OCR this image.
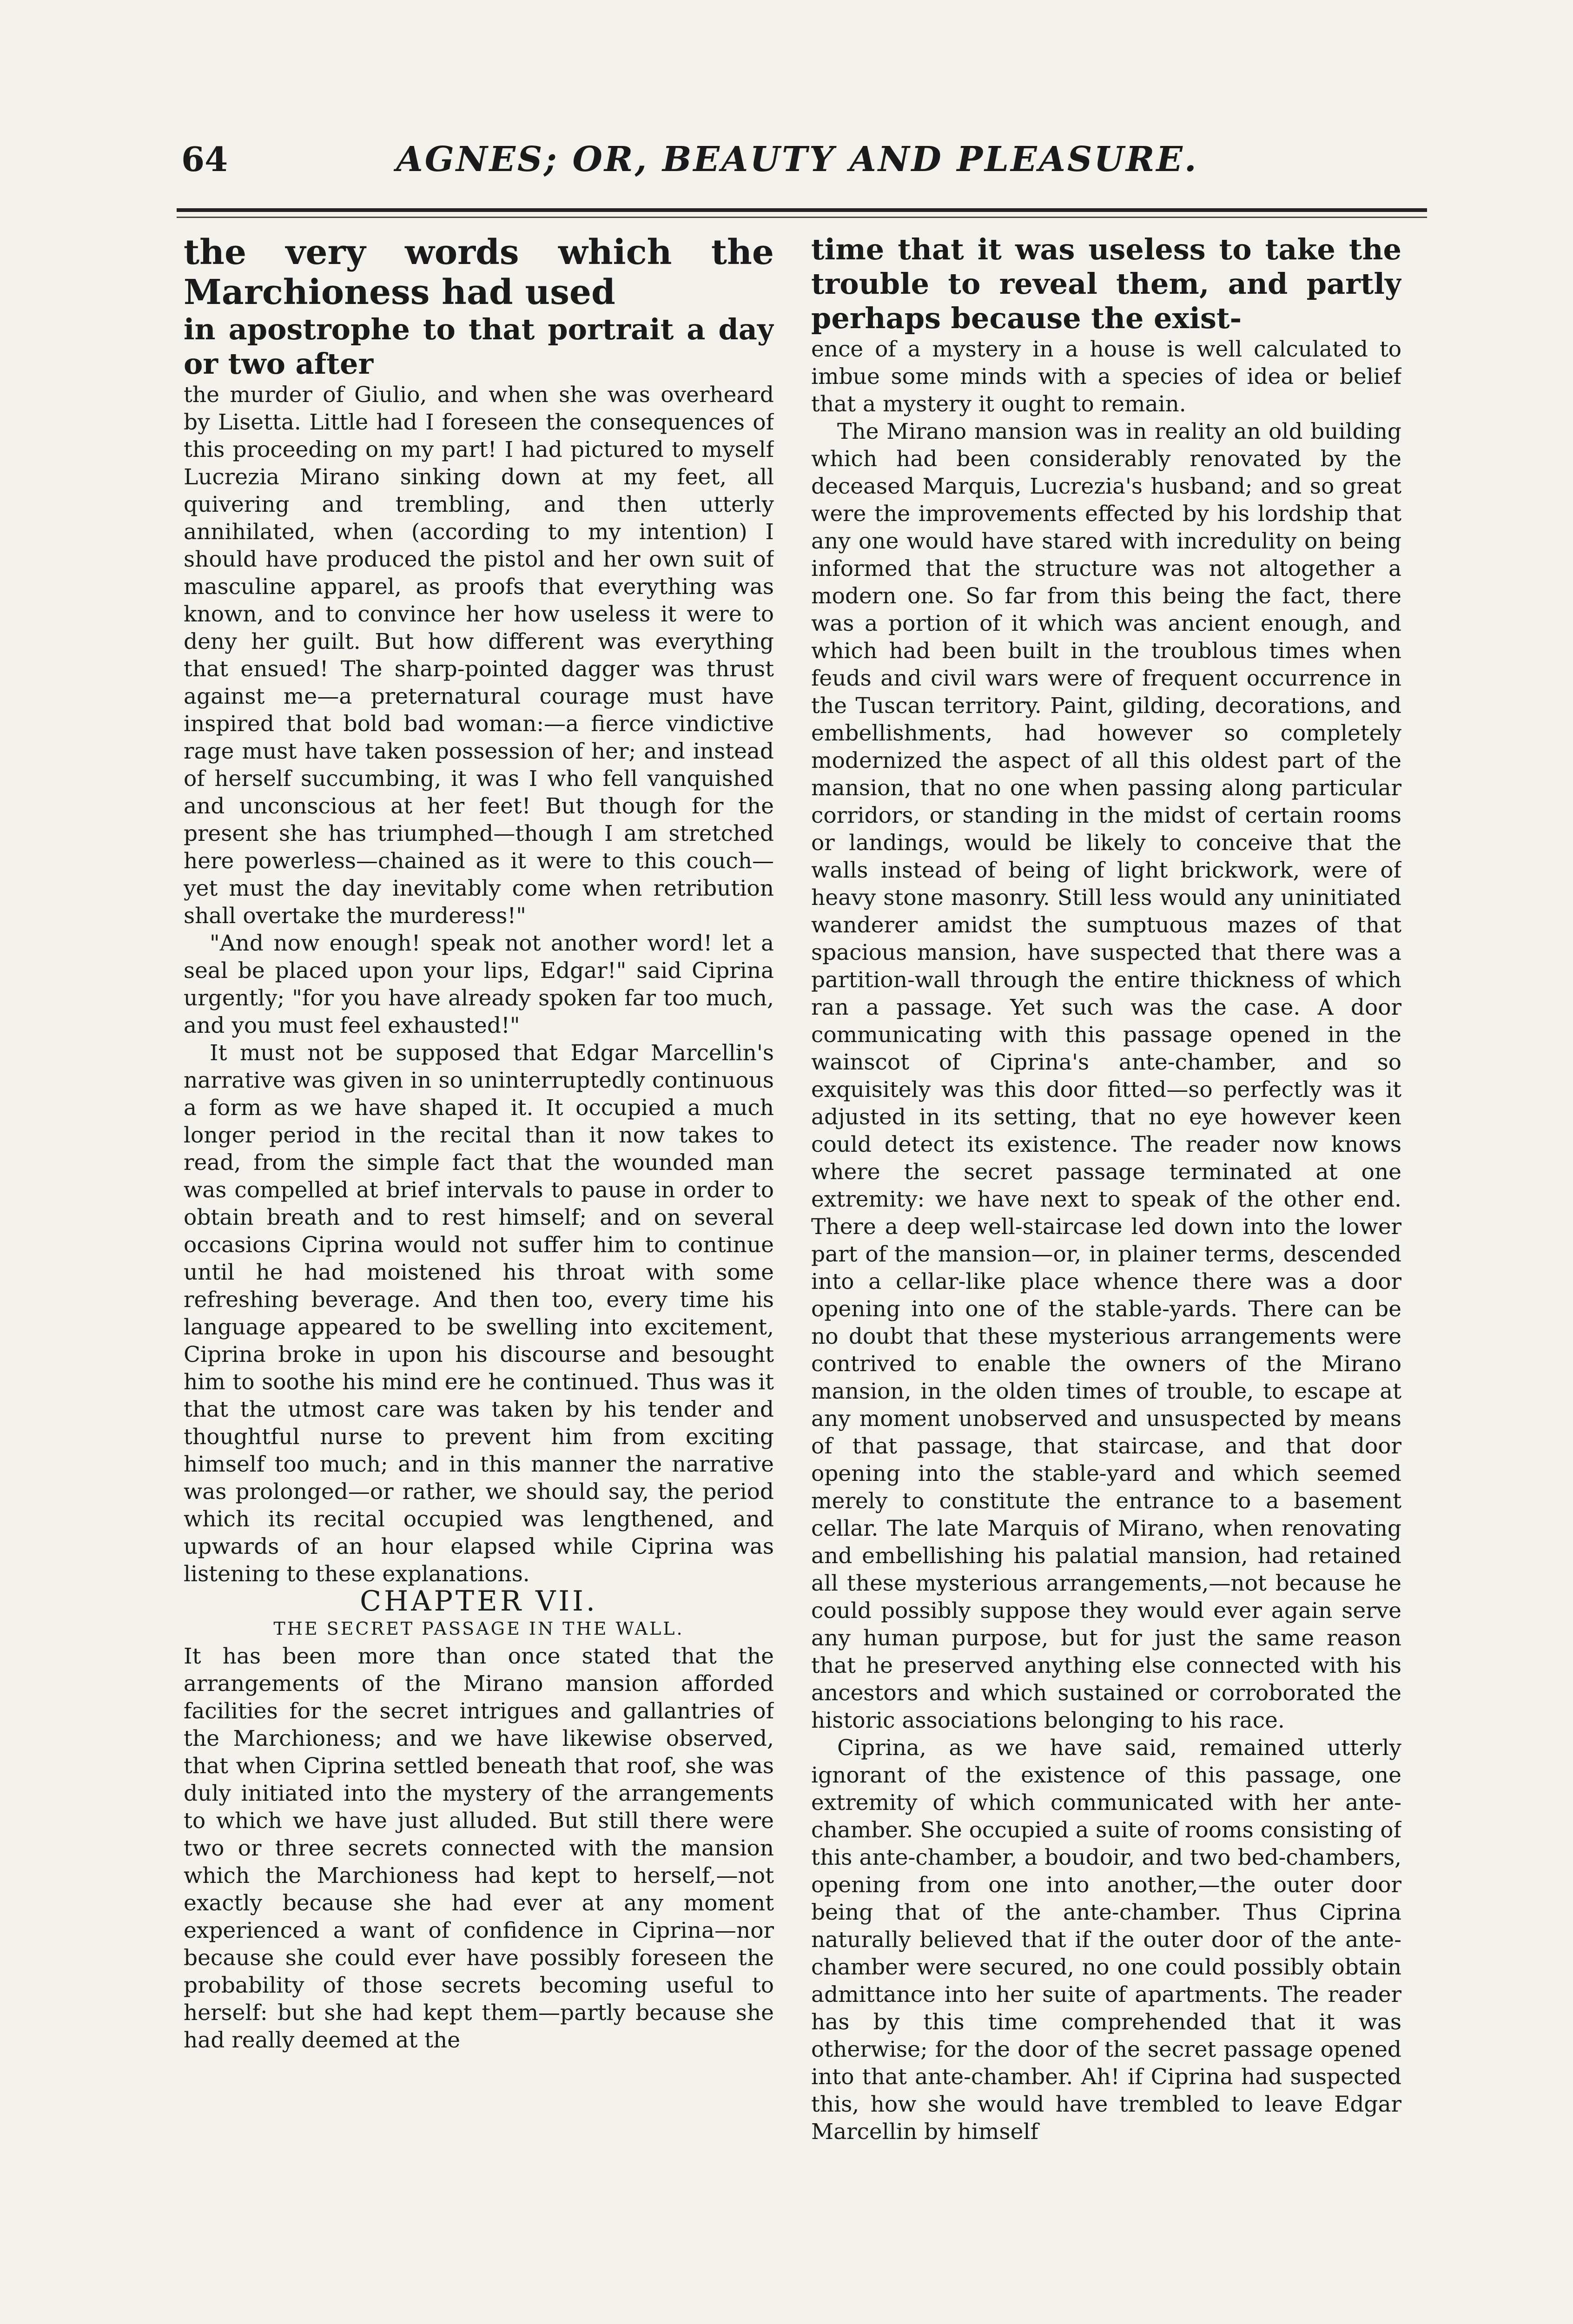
64	AGNES; OR, BEAUTY AND PLEASURE.

the very words which the Marchioness had used

in apostrophe to that portrait a day or two after

the murder of Giulio, and when she was overheard by Lisetta. Little had I foreseen the consequences of this proceeding on my part! I had pictured to myself Lucrezia Mirano sinking down at my feet, all quivering and trembling, and then utterly annihilated, when (according to my intention) I should have produced the pistol and her own suit of masculine apparel, as proofs that everything was known, and to convince her how useless it were to deny her guilt. But how different was everything that ensued! The sharp-pointed dagger was thrust against me—a preternatural courage must have inspired that bold bad woman:—a fierce vindictive rage must have taken possession of her; and instead of herself succumbing, it was I who fell vanquished and unconscious at her feet! But though for the present she has triumphed—though I am stretched here powerless—chained as it were to this couch—yet must the day inevitably come when retribution shall overtake the murderess!"

"And now enough! speak not another word! let a seal be placed upon your lips, Edgar!" said Ciprina urgently; "for you have already spoken far too much, and you must feel exhausted!"

It must not be supposed that Edgar Marcellin's narrative was given in so uninterruptedly continuous a form as we have shaped it. It occupied a much longer period in the recital than it now takes to read, from the simple fact that the wounded man was compelled at brief intervals to pause in order to obtain breath and to rest himself; and on several occasions Ciprina would not suffer him to continue until he had moistened his throat with some refreshing beverage. And then too, every time his language appeared to be swelling into excitement, Ciprina broke in upon his discourse and besought him to soothe his mind ere he continued. Thus was it that the utmost care was taken by his tender and thoughtful nurse to prevent him from exciting himself too much; and in this manner the narrative was prolonged—or rather, we should say, the period which its recital occupied was lengthened, and upwards of an hour elapsed while Ciprina was listening to these explanations.

CHAPTER VII.

THE SECRET PASSAGE IN THE WALL.

It has been more than once stated that the arrangements of the Mirano mansion afforded facilities for the secret intrigues and gallantries of the Marchioness; and we have likewise observed, that when Ciprina settled beneath that roof, she was duly initiated into the mystery of the arrangements to which we have just alluded. But still there were two or three secrets connected with the mansion which the Marchioness had kept to herself,—not exactly because she had ever at any moment experienced a want of confidence in Ciprina—nor because she could ever have possibly foreseen the probability of those secrets becoming useful to herself: but she had kept them—partly because she had really deemed at the

time that it was useless to take the trouble to reveal them, and partly perhaps because the exist-

ence of a mystery in a house is well calculated to imbue some minds with a species of idea or belief that a mystery it ought to remain.

The Mirano mansion was in reality an old building which had been considerably renovated by the deceased Marquis, Lucrezia's husband; and so great were the improvements effected by his lordship that any one would have stared with incredulity on being informed that the structure was not altogether a modern one. So far from this being the fact, there was a portion of it which was ancient enough, and which had been built in the troublous times when feuds and civil wars were of frequent occurrence in the Tuscan territory. Paint, gilding, decorations, and embellishments, had however so completely modernized the aspect of all this oldest part of the mansion, that no one when passing along particular corridors, or standing in the midst of certain rooms or landings, would be likely to conceive that the walls instead of being of light brickwork, were of heavy stone masonry. Still less would any uninitiated wanderer amidst the sumptuous mazes of that spacious mansion, have suspected that there was a partition-wall through the entire thickness of which ran a passage. Yet such was the case. A door communicating with this passage opened in the wainscot of Ciprina's ante-chamber, and so exquisitely was this door fitted—so perfectly was it adjusted in its setting, that no eye however keen could detect its existence. The reader now knows where the secret passage terminated at one extremity: we have next to speak of the other end. There a deep well-staircase led down into the lower part of the mansion—or, in plainer terms, descended into a cellar-like place whence there was a door opening into one of the stable-yards. There can be no doubt that these mysterious arrangements were contrived to enable the owners of the Mirano mansion, in the olden times of trouble, to escape at any moment unobserved and unsuspected by means of that passage, that staircase, and that door opening into the stable-yard and which seemed merely to constitute the entrance to a basement cellar. The late Marquis of Mirano, when renovating and embellishing his palatial mansion, had retained all these mysterious arrangements,—not because he could possibly suppose they would ever again serve any human purpose, but for just the same reason that he preserved anything else connected with his ancestors and which sustained or corroborated the historic associations belonging to his race.

Ciprina, as we have said, remained utterly ignorant of the existence of this passage, one extremity of which communicated with her ante-chamber. She occupied a suite of rooms consisting of this ante-chamber, a boudoir, and two bed-chambers, opening from one into another,—the outer door being that of the ante-chamber. Thus Ciprina naturally believed that if the outer door of the ante-chamber were secured, no one could possibly obtain admittance into her suite of apartments. The reader has by this time comprehended that it was otherwise; for the door of the secret passage opened into that ante-chamber. Ah! if Ciprina had suspected this, how she would have trembled to leave Edgar Marcellin by himself
